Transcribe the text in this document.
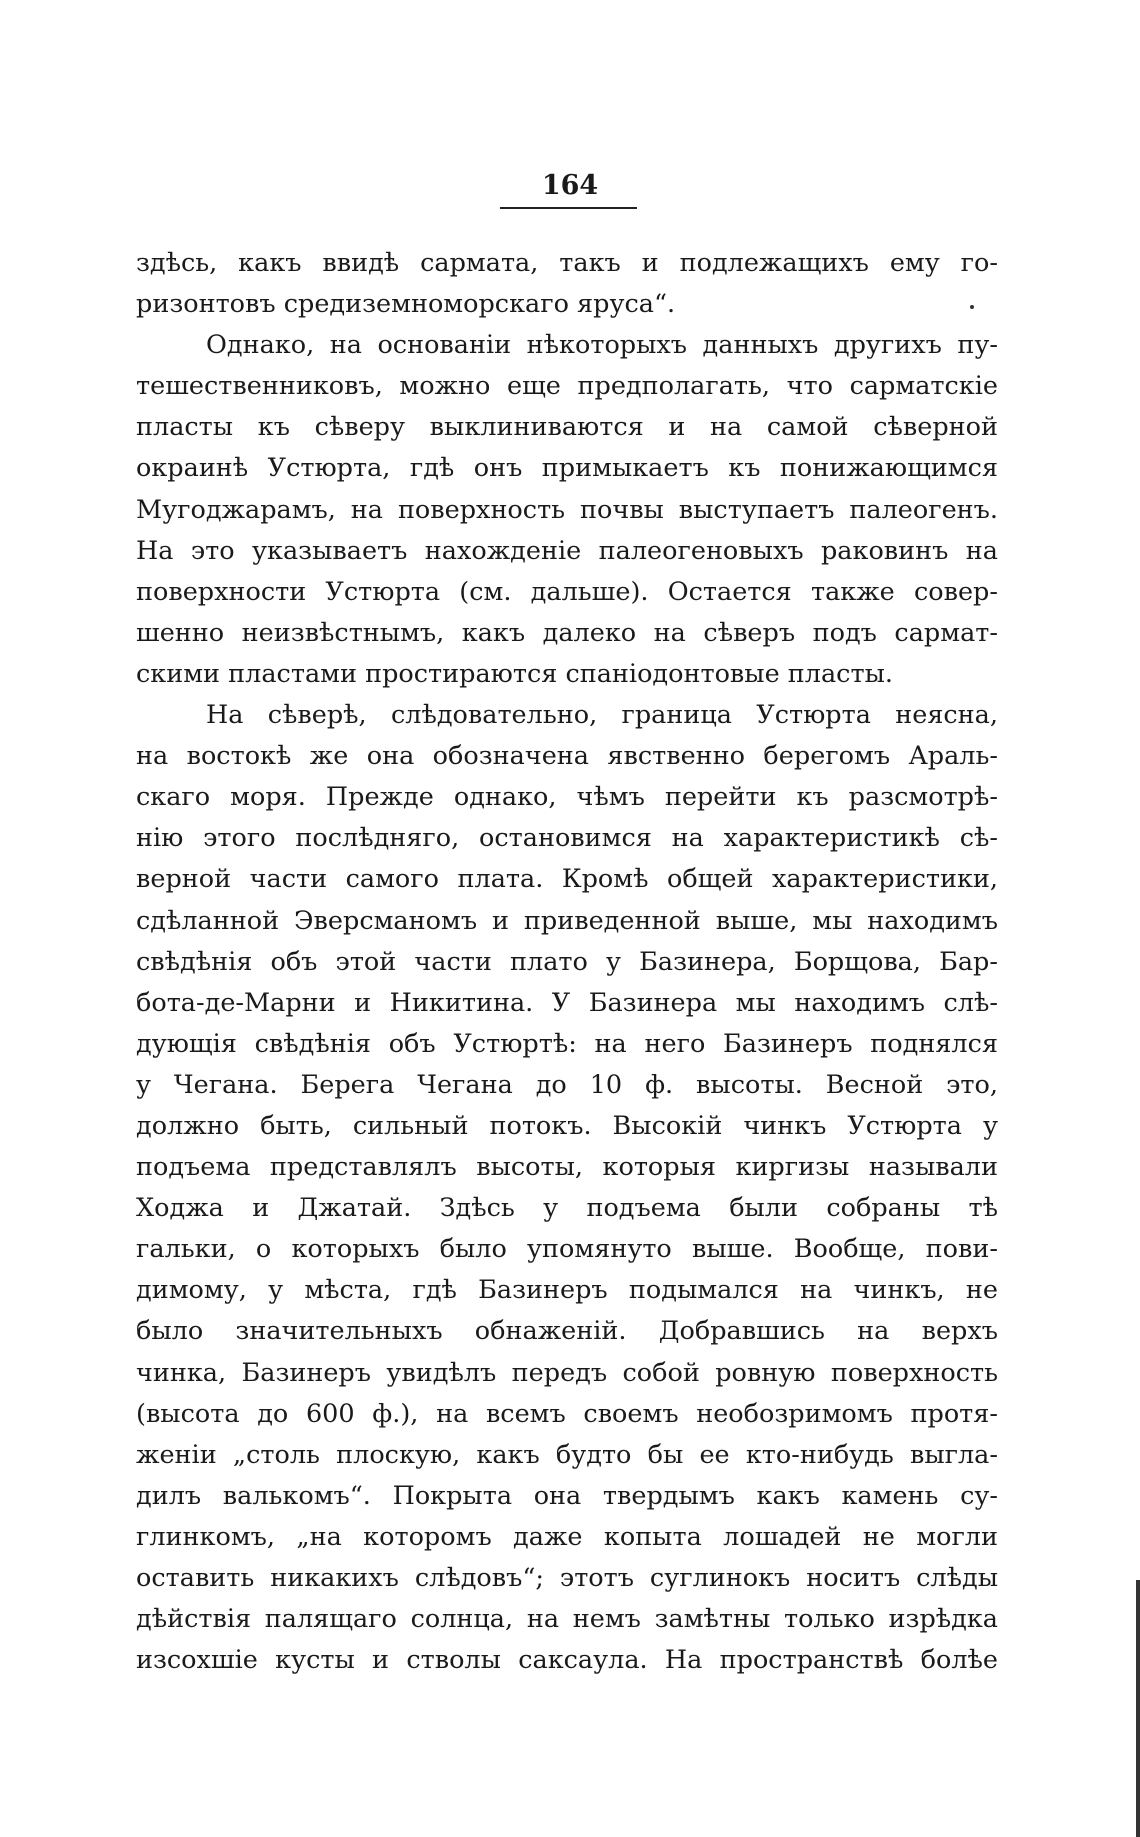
164
здѣсь, какъ ввидѣ сармата, такъ и подлежащихъ ему го-
ризонтовъ средиземноморскаго яруса“.
Однако, на основаніи нѣкоторыхъ данныхъ другихъ пу-
тешественниковъ, можно еще предполагать, что сарматскіе
пласты къ сѣверу выклиниваются и на самой сѣверной
окраинѣ Устюрта, гдѣ онъ примыкаетъ къ понижающимся
Мугоджарамъ, на поверхность почвы выступаетъ палеогенъ.
На это указываетъ нахожденіе палеогеновыхъ раковинъ на
поверхности Устюрта (см. дальше). Остается также совер-
шенно неизвѣстнымъ, какъ далеко на сѣверъ подъ сармат-
скими пластами простираются спаніодонтовые пласты.
На сѣверѣ, слѣдовательно, граница Устюрта неясна,
на востокѣ же она обозначена явственно берегомъ Араль-
скаго моря. Прежде однако, чѣмъ перейти къ разсмотрѣ-
нію этого послѣдняго, остановимся на характеристикѣ сѣ-
верной части самого плата. Кромѣ общей характеристики,
сдѣланной Эверсманомъ и приведенной выше, мы находимъ
свѣдѣнія объ этой части плато у Базинера, Борщова, Бар-
бота-де-Марни и Никитина. У Базинера мы находимъ слѣ-
дующія свѣдѣнія объ Устюртѣ: на него Базинеръ поднялся
у Чегана. Берега Чегана до 10 ф. высоты. Весной это,
должно быть, сильный потокъ. Высокій чинкъ Устюрта у
подъема представлялъ высоты, которыя киргизы называли
Ходжа и Джатай. Здѣсь у подъема были собраны тѣ
гальки, о которыхъ было упомянуто выше. Вообще, пови-
димому, у мѣста, гдѣ Базинеръ подымался на чинкъ, не
было значительныхъ обнаженій. Добравшись на верхъ
чинка, Базинеръ увидѣлъ передъ собой ровную поверхность
(высота до 600 ф.), на всемъ своемъ необозримомъ протя-
женіи „столь плоскую, какъ будто бы ее кто-нибудь выгла-
дилъ валькомъ“. Покрыта она твердымъ какъ камень су-
глинкомъ, „на которомъ даже копыта лошадей не могли
оставить никакихъ слѣдовъ“; этотъ суглинокъ носитъ слѣды
дѣйствія палящаго солнца, на немъ замѣтны только изрѣдка
изсохшіе кусты и стволы саксаула. На пространствѣ болѣе
